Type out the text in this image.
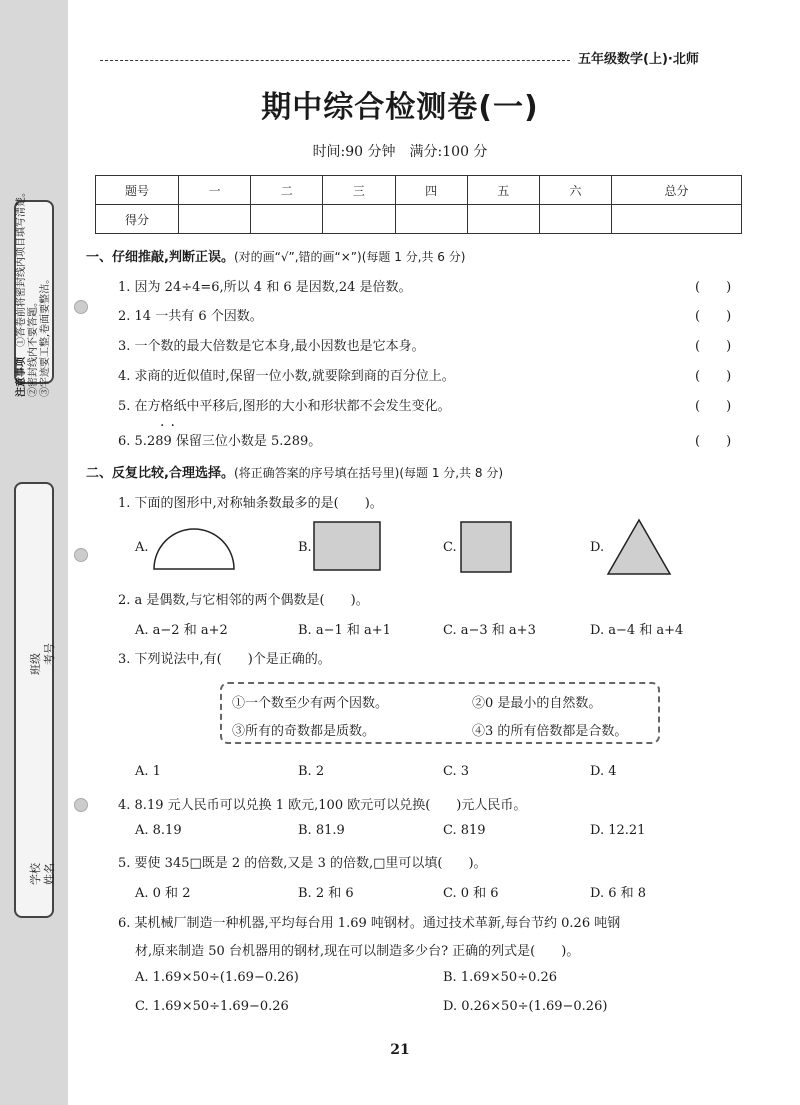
注意事项　①答卷前将密封线内项目填写清楚。 ②密封线内不要答题。 ③字迹要工整,卷面要整洁。
班级 考号
学校 姓名
五年级数学(上)·北师
期中综合检测卷(一)
时间:90 分钟　满分:100 分
题号	一	二	三	四	五	六	总分
得分							
一、仔细推敲,判断正误。(对的画“√”,错的画“×”)(每题 1 分,共 6 分)
1. 因为 24÷4=6,所以 4 和 6 是因数,24 是倍数。	(　　)
2. 14 一共有 6 个因数。	(　　)
3. 一个数的最大倍数是它本身,最小因数也是它本身。	(　　)
4. 求商的近似值时,保留一位小数,就要除到商的百分位上。	(　　)
5. 在方格纸中平移后,图形的大小和形状都不会发生变化。	(　　)
6. 5.289 保留三位小数是 5.289。	(　　)
··
二、反复比较,合理选择。(将正确答案的序号填在括号里)(每题 1 分,共 8 分)
1. 下面的图形中,对称轴条数最多的是(　　)。
A.	B.	C.	D.
2. a 是偶数,与它相邻的两个偶数是(　　)。
A. a−2 和 a+2	B. a−1 和 a+1	C. a−3 和 a+3	D. a−4 和 a+4
3. 下列说法中,有(　　)个是正确的。
①一个数至少有两个因数。	②0 是最小的自然数。
③所有的奇数都是质数。	④3 的所有倍数都是合数。
A. 1	B. 2	C. 3	D. 4
4. 8.19 元人民币可以兑换 1 欧元,100 欧元可以兑换(　　)元人民币。
A. 8.19	B. 81.9	C. 819	D. 12.21
5. 要使 345□既是 2 的倍数,又是 3 的倍数,□里可以填(　　)。
A. 0 和 2	B. 2 和 6	C. 0 和 6	D. 6 和 8
6. 某机械厂制造一种机器,平均每台用 1.69 吨钢材。通过技术革新,每台节约 0.26 吨钢
材,原来制造 50 台机器用的钢材,现在可以制造多少台? 正确的列式是(　　)。
A. 1.69×50÷(1.69−0.26)	B. 1.69×50÷0.26
C. 1.69×50÷1.69−0.26	D. 0.26×50÷(1.69−0.26)
21
